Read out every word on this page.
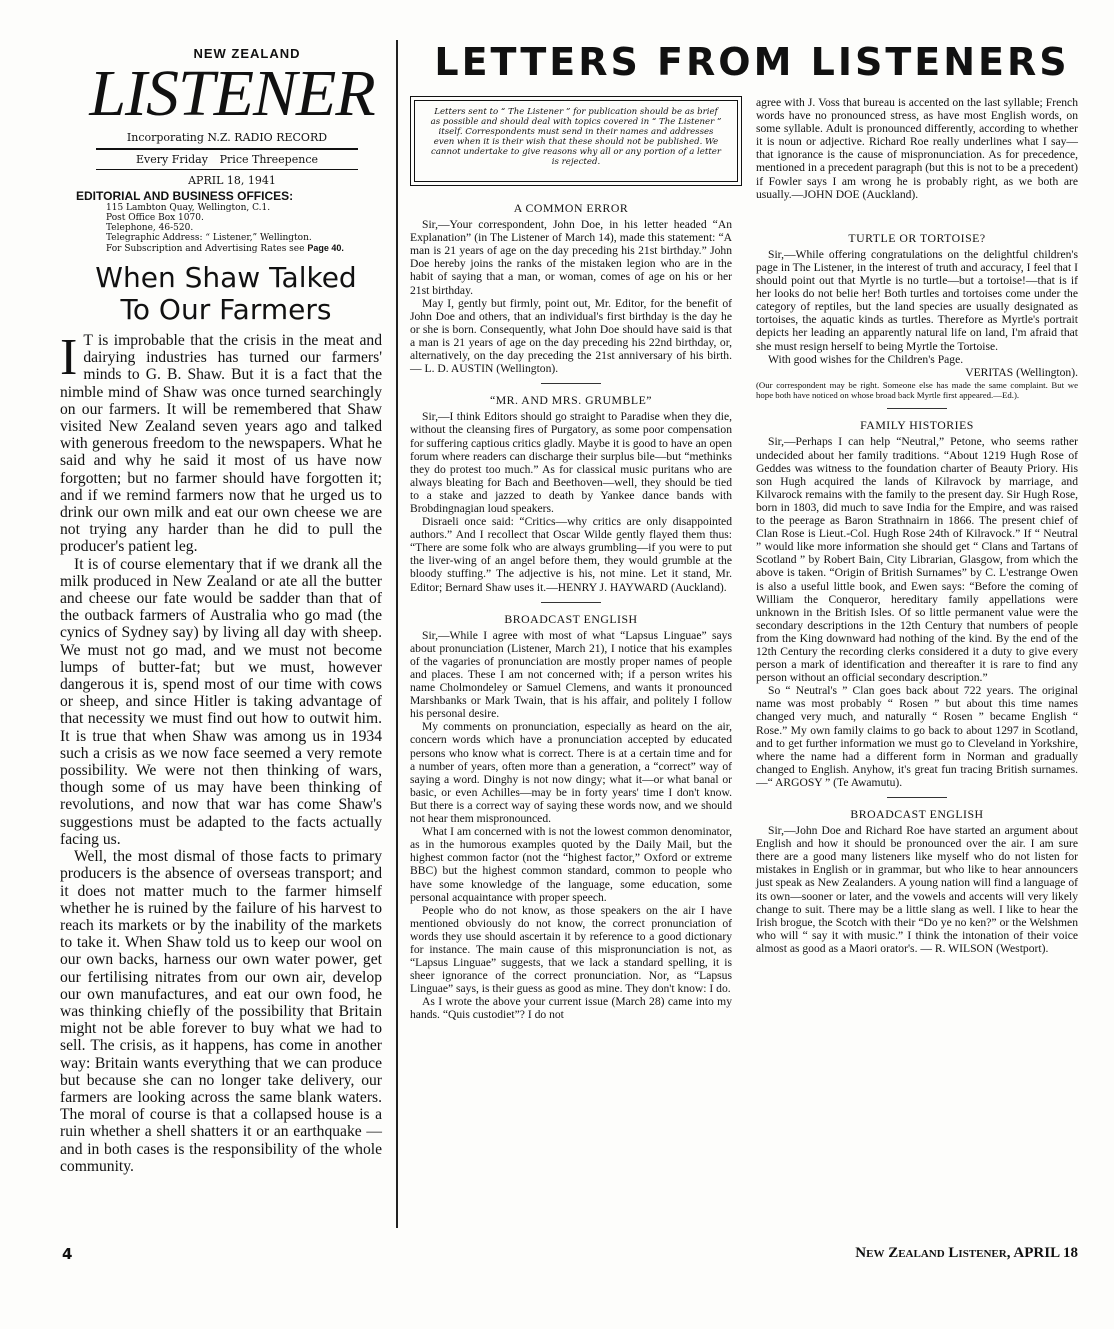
NEW ZEALAND
LISTENER
Incorporating N.Z. RADIO RECORD
Every Friday Price Threepence
APRIL 18, 1941
EDITORIAL AND BUSINESS OFFICES:
115 Lambton Quay, Wellington, C.1.
Post Office Box 1070.
Telephone, 46-520.
Telegraphic Address: “ Listener,” Wellington.
For Subscription and Advertising Rates see Page 40.
When Shaw Talked
To Our Farmers

I T is improbable that the crisis in the meat and dairying industries has turned our farmers' minds to G. B. Shaw. But it is a fact that the nimble mind of Shaw was once turned searchingly on our farmers. It will be remembered that Shaw visited New Zealand seven years ago and talked with generous freedom to the newspapers. What he said and why he said it most of us have now forgotten; but no farmer should have forgotten it; and if we remind farmers now that he urged us to drink our own milk and eat our own cheese we are not trying any harder than he did to pull the producer's patient leg.

It is of course elementary that if we drank all the milk produced in New Zealand or ate all the butter and cheese our fate would be sadder than that of the outback farmers of Australia who go mad (the cynics of Sydney say) by living all day with sheep. We must not go mad, and we must not become lumps of butter-fat; but we must, however dangerous it is, spend most of our time with cows or sheep, and since Hitler is taking advantage of that necessity we must find out how to outwit him. It is true that when Shaw was among us in 1934 such a crisis as we now face seemed a very remote possibility. We were not then thinking of wars, though some of us may have been thinking of revolutions, and now that war has come Shaw's suggestions must be adapted to the facts actually facing us.

Well, the most dismal of those facts to primary producers is the absence of overseas transport; and it does not matter much to the farmer himself whether he is ruined by the failure of his harvest to reach its markets or by the inability of the markets to take it. When Shaw told us to keep our wool on our own backs, harness our own water power, get our fertilising nitrates from our own air, develop our own manufactures, and eat our own food, he was thinking chiefly of the possibility that Britain might not be able forever to buy what we had to sell. The crisis, as it happens, has come in another way: Britain wants everything that we can produce but because she can no longer take delivery, our farmers are looking across the same blank waters. The moral of course is that a collapsed house is a ruin whether a shell shatters it or an earthquake — and in both cases is the responsibility of the whole community.

LETTERS FROM LISTENERS
Letters sent to “ The Listener ” for publication should be as brief as possible and should deal with topics covered in “ The Listener ” itself. Correspondents must send in their names and addresses even when it is their wish that these should not be published. We cannot undertake to give reasons why all or any portion of a letter is rejected.

A COMMON ERROR

Sir,—Your correspondent, John Doe, in his letter headed “An Explanation” (in The Listener of March 14), made this statement: “A man is 21 years of age on the day preceding his 21st birthday.” John Doe hereby joins the ranks of the mistaken legion who are in the habit of saying that a man, or woman, comes of age on his or her 21st birthday.

May I, gently but firmly, point out, Mr. Editor, for the benefit of John Doe and others, that an individual's first birthday is the day he or she is born. Consequently, what John Doe should have said is that a man is 21 years of age on the day preceding his 22nd birthday, or, alternatively, on the day preceding the 21st anniversary of his birth. — L. D. AUSTIN (Wellington).

“MR. AND MRS. GRUMBLE”

Sir,—I think Editors should go straight to Paradise when they die, without the cleansing fires of Purgatory, as some poor compensation for suffering captious critics gladly. Maybe it is good to have an open forum where readers can discharge their surplus bile—but “methinks they do protest too much.” As for classical music puritans who are always bleating for Bach and Beethoven—well, they should be tied to a stake and jazzed to death by Yankee dance bands with Brobdingnagian loud speakers.

Disraeli once said: “Critics—why critics are only disappointed authors.” And I recollect that Oscar Wilde gently flayed them thus: “There are some folk who are always grumbling—if you were to put the liver-wing of an angel before them, they would grumble at the bloody stuffing.” The adjective is his, not mine. Let it stand, Mr. Editor; Bernard Shaw uses it.—HENRY J. HAYWARD (Auckland).

BROADCAST ENGLISH

Sir,—While I agree with most of what “Lapsus Linguae” says about pronunciation (Listener, March 21), I notice that his examples of the vagaries of pronunciation are mostly proper names of people and places. These I am not concerned with; if a person writes his name Cholmondeley or Samuel Clemens, and wants it pronounced Marshbanks or Mark Twain, that is his affair, and politely I follow his personal desire.

My comments on pronunciation, especially as heard on the air, concern words which have a pronunciation accepted by educated persons who know what is correct. There is at a certain time and for a number of years, often more than a generation, a “correct” way of saying a word. Dinghy is not now dingy; what it—or what banal or basic, or even Achilles—may be in forty years' time I don't know. But there is a correct way of saying these words now, and we should not hear them mispronounced.

What I am concerned with is not the lowest common denominator, as in the humorous examples quoted by the Daily Mail, but the highest common factor (not the “highest factor,” Oxford or extreme BBC) but the highest common standard, common to people who have some knowledge of the language, some education, some personal acquaintance with proper speech.

People who do not know, as those speakers on the air I have mentioned obviously do not know, the correct pronunciation of words they use should ascertain it by reference to a good dictionary for instance. The main cause of this mispronunciation is not, as “Lapsus Linguae” suggests, that we lack a standard spelling, it is sheer ignorance of the correct pronunciation. Nor, as “Lapsus Linguae” says, is their guess as good as mine. They don't know: I do.

As I wrote the above your current issue (March 28) came into my hands. “Quis custodiet”? I do not

agree with J. Voss that bureau is accented on the last syllable; French words have no pronounced stress, as have most English words, on some syllable. Adult is pronounced differently, according to whether it is noun or adjective. Richard Roe really underlines what I say—that ignorance is the cause of mispronunciation. As for precedence, mentioned in a precedent paragraph (but this is not to be a precedent) if Fowler says I am wrong he is probably right, as we both are usually.—JOHN DOE (Auckland).

TURTLE OR TORTOISE?

Sir,—While offering congratulations on the delightful children's page in The Listener, in the interest of truth and accuracy, I feel that I should point out that Myrtle is no turtle—but a tortoise!—that is if her looks do not belie her! Both turtles and tortoises come under the category of reptiles, but the land species are usually designated as tortoises, the aquatic kinds as turtles. Therefore as Myrtle's portrait depicts her leading an apparently natural life on land, I'm afraid that she must resign herself to being Myrtle the Tortoise.

With good wishes for the Children's Page.

VERITAS (Wellington).

(Our correspondent may be right. Someone else has made the same complaint. But we hope both have noticed on whose broad back Myrtle first appeared.—Ed.).

FAMILY HISTORIES

Sir,—Perhaps I can help “Neutral,” Petone, who seems rather undecided about her family traditions. “About 1219 Hugh Rose of Geddes was witness to the foundation charter of Beauty Priory. His son Hugh acquired the lands of Kilravock by marriage, and Kilvarock remains with the family to the present day. Sir Hugh Rose, born in 1803, did much to save India for the Empire, and was raised to the peerage as Baron Strathnairn in 1866. The present chief of Clan Rose is Lieut.-Col. Hugh Rose 24th of Kilravock.” If “ Neutral ” would like more information she should get “ Clans and Tartans of Scotland ” by Robert Bain, City Librarian, Glasgow, from which the above is taken. “Origin of British Surnames” by C. L'estrange Owen is also a useful little book, and Ewen says: “Before the coming of William the Conqueror, hereditary family appellations were unknown in the British Isles. Of so little permanent value were the secondary descriptions in the 12th Century that numbers of people from the King downward had nothing of the kind. By the end of the 12th Century the recording clerks considered it a duty to give every person a mark of identification and thereafter it is rare to find any person without an official secondary description.”

So “ Neutral's ” Clan goes back about 722 years. The original name was most probably “ Rosen ” but about this time names changed very much, and naturally “ Rosen ” became English “ Rose.” My own family claims to go back to about 1297 in Scotland, and to get further information we must go to Cleveland in Yorkshire, where the name had a different form in Norman and gradually changed to English. Anyhow, it's great fun tracing British surnames.—“ ARGOSY ” (Te Awamutu).

BROADCAST ENGLISH

Sir,—John Doe and Richard Roe have started an argument about English and how it should be pronounced over the air. I am sure there are a good many listeners like myself who do not listen for mistakes in English or in grammar, but who like to hear announcers just speak as New Zealanders. A young nation will find a language of its own—sooner or later, and the vowels and accents will very likely change to suit. There may be a little slang as well. I like to hear the Irish brogue, the Scotch with their “Do ye no ken?” or the Welshmen who will “ say it with music.” I think the intonation of their voice almost as good as a Maori orator's. — R. WILSON (Westport).

4	New Zealand Listener, APRIL 18
